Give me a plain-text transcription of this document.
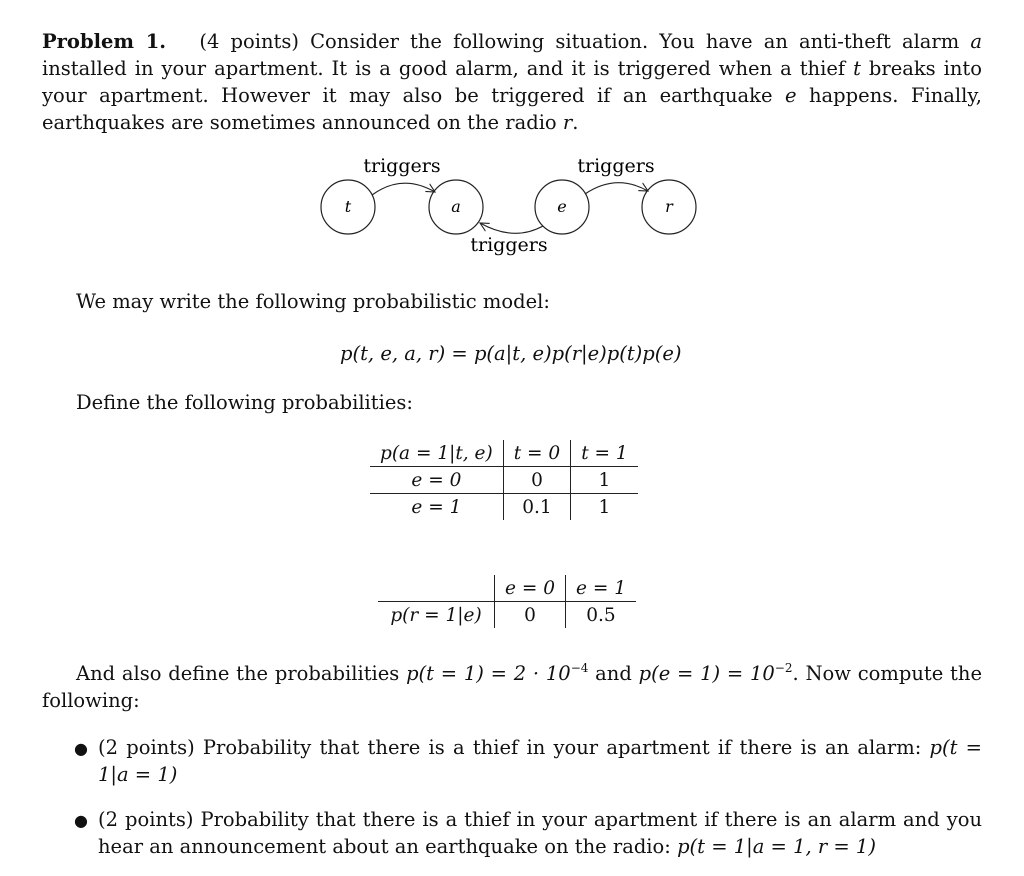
Problem 1. (4 points) Consider the following situation. You have an anti-theft alarm a installed in your apartment. It is a good alarm, and it is triggered when a thief t breaks into your apartment. However it may also be triggered if an earthquake e happens. Finally, earthquakes are sometimes announced on the radio r.
t	a	e	r
triggers	triggers
triggers
We may write the following probabilistic model:
p(t, e, a, r) = p(a|t, e)p(r|e)p(t)p(e)
Define the following probabilities:
p(a = 1|t, e)	t = 0	t = 1
e = 0	0	1
e = 1	0.1	1
	e = 0	e = 1
p(r = 1|e)	0	0.5
And also define the probabilities $p(t = 1) = 2 \cdot 10^{-4}$ and $p(e = 1) = 10^{-2}$. Now compute the following:
● (2 points) Probability that there is a thief in your apartment if there is an alarm: p(t = 1|a = 1)
● (2 points) Probability that there is a thief in your apartment if there is an alarm and you hear an announcement about an earthquake on the radio: p(t = 1|a = 1, r = 1)
